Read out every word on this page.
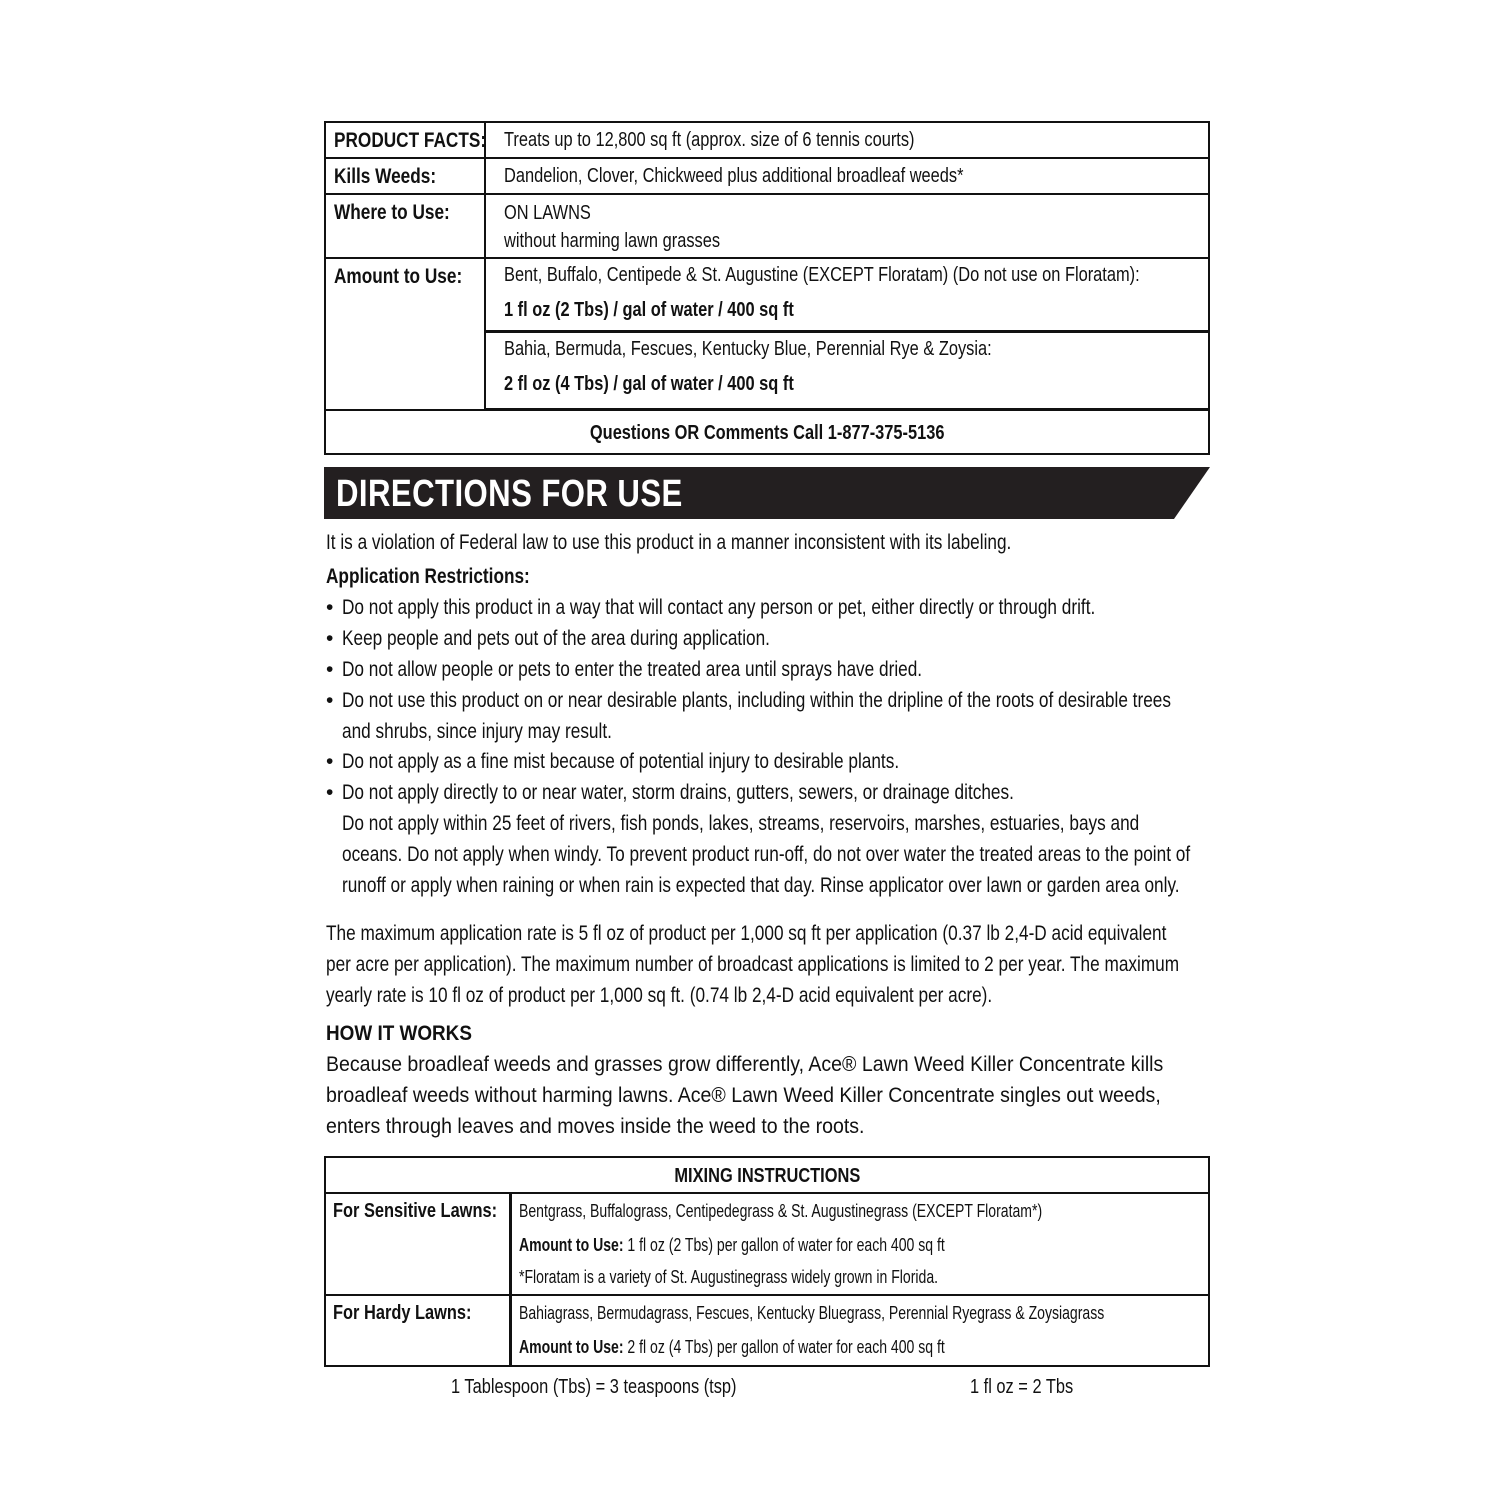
PRODUCT FACTS: Treats up to 12,800 sq ft (approx. size of 6 tennis courts)
Kills Weeds:	Dandelion, Clover, Chickweed plus additional broadleaf weeds*
Where to Use:	ON LAWNS
without harming lawn grasses
Amount to Use:	Bent, Buffalo, Centipede & St. Augustine (EXCEPT Floratam) (Do not use on Floratam):
1 fl oz (2 Tbs) / gal of water / 400 sq ft
Bahia, Bermuda, Fescues, Kentucky Blue, Perennial Rye & Zoysia:
2 fl oz (4 Tbs) / gal of water / 400 sq ft
Questions OR Comments Call 1-877-375-5136
DIRECTIONS FOR USE
It is a violation of Federal law to use this product in a manner inconsistent with its labeling.
Application Restrictions:
• Do not apply this product in a way that will contact any person or pet, either directly or through drift.
• Keep people and pets out of the area during application.
• Do not allow people or pets to enter the treated area until sprays have dried.
• Do not use this product on or near desirable plants, including within the dripline of the roots of desirable trees
and shrubs, since injury may result.
• Do not apply as a fine mist because of potential injury to desirable plants.
• Do not apply directly to or near water, storm drains, gutters, sewers, or drainage ditches.
Do not apply within 25 feet of rivers, fish ponds, lakes, streams, reservoirs, marshes, estuaries, bays and
oceans. Do not apply when windy. To prevent product run-off, do not over water the treated areas to the point of
runoff or apply when raining or when rain is expected that day. Rinse applicator over lawn or garden area only.
The maximum application rate is 5 fl oz of product per 1,000 sq ft per application (0.37 lb 2,4-D acid equivalent
per acre per application). The maximum number of broadcast applications is limited to 2 per year. The maximum
yearly rate is 10 fl oz of product per 1,000 sq ft. (0.74 lb 2,4-D acid equivalent per acre).
HOW IT WORKS
Because broadleaf weeds and grasses grow differently, Ace® Lawn Weed Killer Concentrate kills
broadleaf weeds without harming lawns. Ace® Lawn Weed Killer Concentrate singles out weeds,
enters through leaves and moves inside the weed to the roots.
MIXING INSTRUCTIONS
For Sensitive Lawns:	Bentgrass, Buffalograss, Centipedegrass & St. Augustinegrass (EXCEPT Floratam*)
Amount to Use: 1 fl oz (2 Tbs) per gallon of water for each 400 sq ft
*Floratam is a variety of St. Augustinegrass widely grown in Florida.
For Hardy Lawns:	Bahiagrass, Bermudagrass, Fescues, Kentucky Bluegrass, Perennial Ryegrass & Zoysiagrass
Amount to Use: 2 fl oz (4 Tbs) per gallon of water for each 400 sq ft
1 Tablespoon (Tbs) = 3 teaspoons (tsp)	1 fl oz = 2 Tbs
